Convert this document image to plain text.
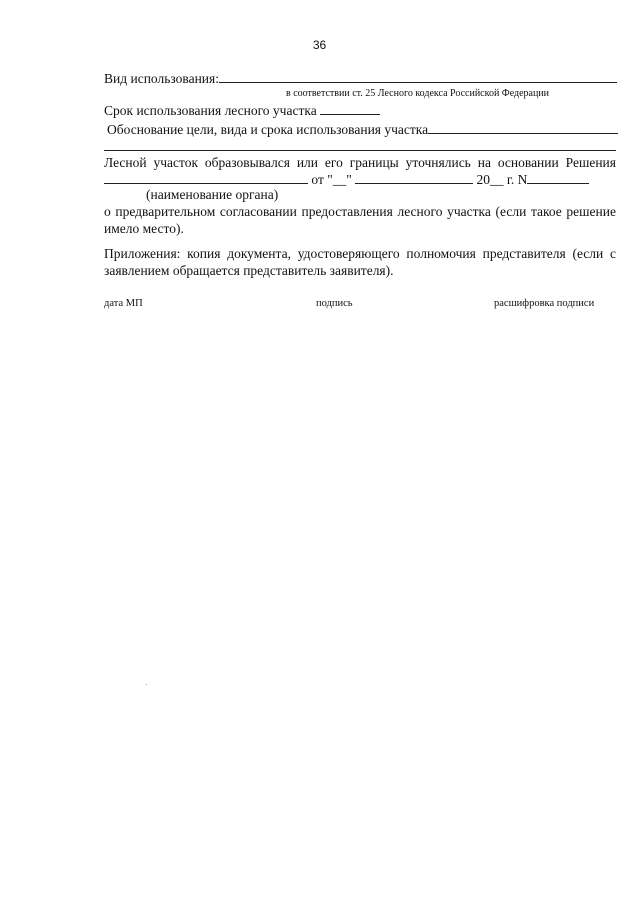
36
Вид использования:
в соответствии ст. 25 Лесного кодекса Российской Федерации
Срок использования лесного участка
Обоснование цели, вида и срока использования участка
Лесной участок образовывался или его границы уточнялись на основании Решения
от "__"	20__ г. N
(наименование органа)
о предварительном согласовании предоставления лесного участка (если такое решение
имело место).
Приложения: копия документа, удостоверяющего полномочия представителя (если с
заявлением обращается представитель заявителя).
дата МП	подпись	расшифровка подписи
